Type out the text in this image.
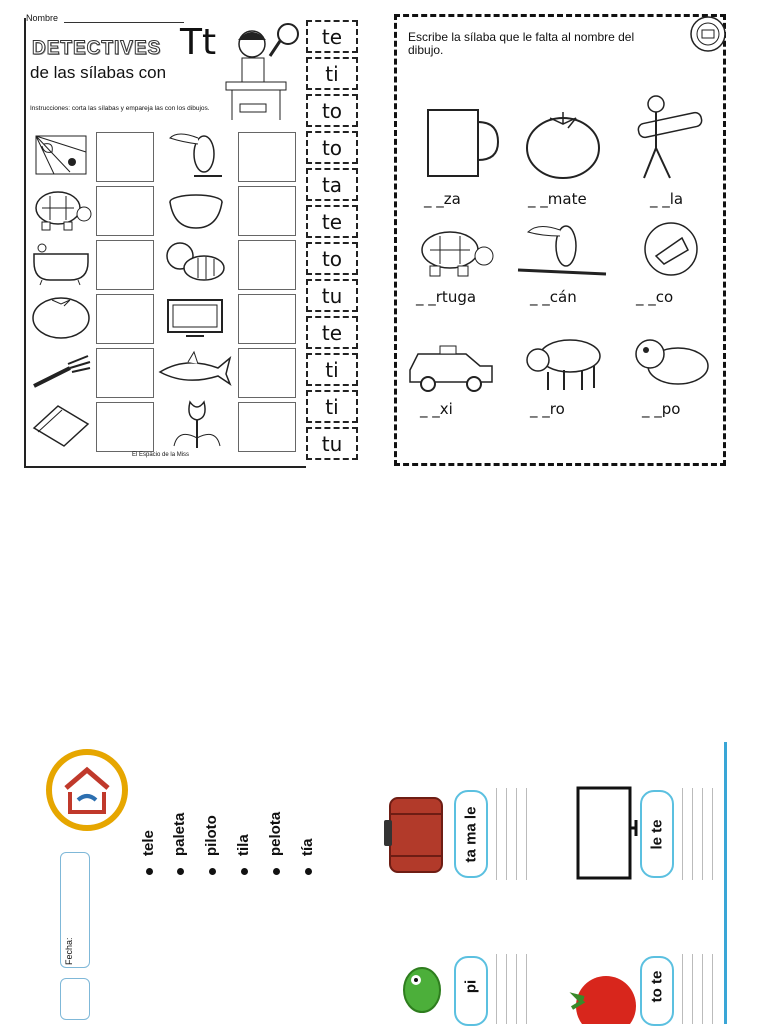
Nombre
DETECTIVES
de las sílabas con
Tt
Instrucciones: corta las sílabas y empareja las con los dibujos.
El Espacio de la Miss
te
ti
to
to
ta
te
to
tu
te
ti
ti
tu
Escribe la sílaba que le falta al nombre del dibujo.
_ _za	_ _mate	_ _la
_ _rtuga	_ _cán	_ _co
_ _xi	_ _ro	_ _po
Fecha:
tele paleta piloto tila pelota tía	ta ma le	le te
pi	to te
